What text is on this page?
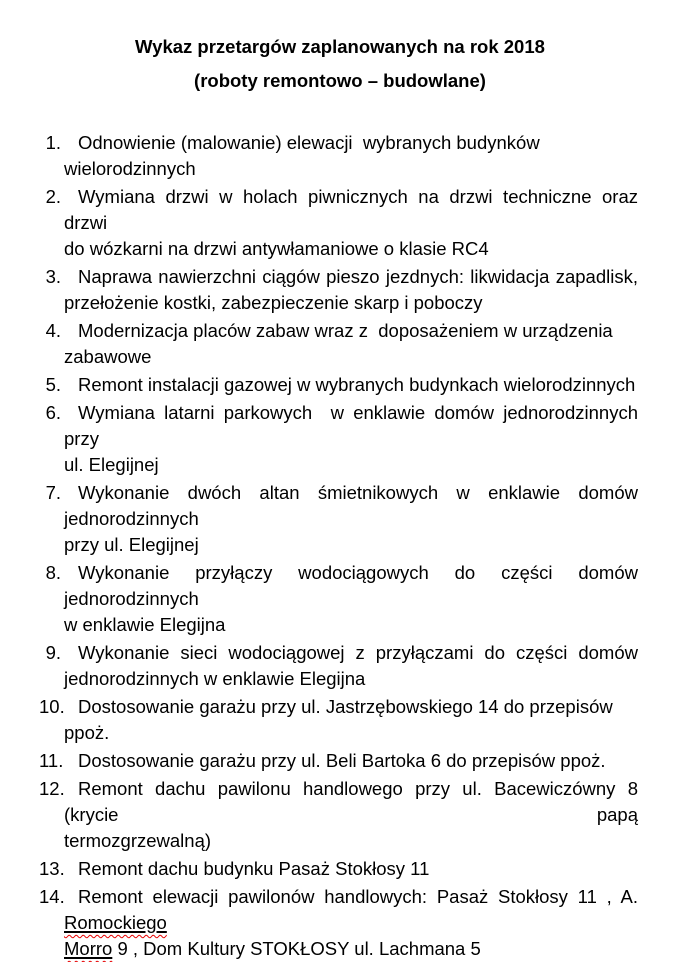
Wykaz przetargów zaplanowanych na rok 2018
(roboty remontowo – budowlane)
1. Odnowienie (malowanie) elewacji  wybranych budynków wielorodzinnych
2. Wymiana drzwi w holach piwnicznych na drzwi techniczne oraz drzwi
do wózkarni na drzwi antywłamaniowe o klasie RC4
3. Naprawa nawierzchni ciągów pieszo jezdnych: likwidacja zapadlisk,
przełożenie kostki, zabezpieczenie skarp i poboczy
4. Modernizacja placów zabaw wraz z  doposażeniem w urządzenia zabawowe
5. Remont instalacji gazowej w wybranych budynkach wielorodzinnych
6. Wymiana latarni parkowych  w enklawie domów jednorodzinnych przy
ul. Elegijnej
7. Wykonanie dwóch altan śmietnikowych w enklawie domów jednorodzinnych
przy ul. Elegijnej
8. Wykonanie przyłączy wodociągowych do części domów jednorodzinnych
w enklawie Elegijna
9. Wykonanie sieci wodociągowej z przyłączami do części domów
jednorodzinnych w enklawie Elegijna
10. Dostosowanie garażu przy ul. Jastrzębowskiego 14 do przepisów ppoż.
11. Dostosowanie garażu przy ul. Beli Bartoka 6 do przepisów ppoż.
12. Remont dachu pawilonu handlowego przy ul. Bacewiczówny 8 (krycie papą
termozgrzewalną)
13. Remont dachu budynku Pasaż Stokłosy 11
14. Remont elewacji pawilonów handlowych: Pasaż Stokłosy 11 , A. Romockiego
Morro 9 , Dom Kultury STOKŁOSY ul. Lachmana 5
